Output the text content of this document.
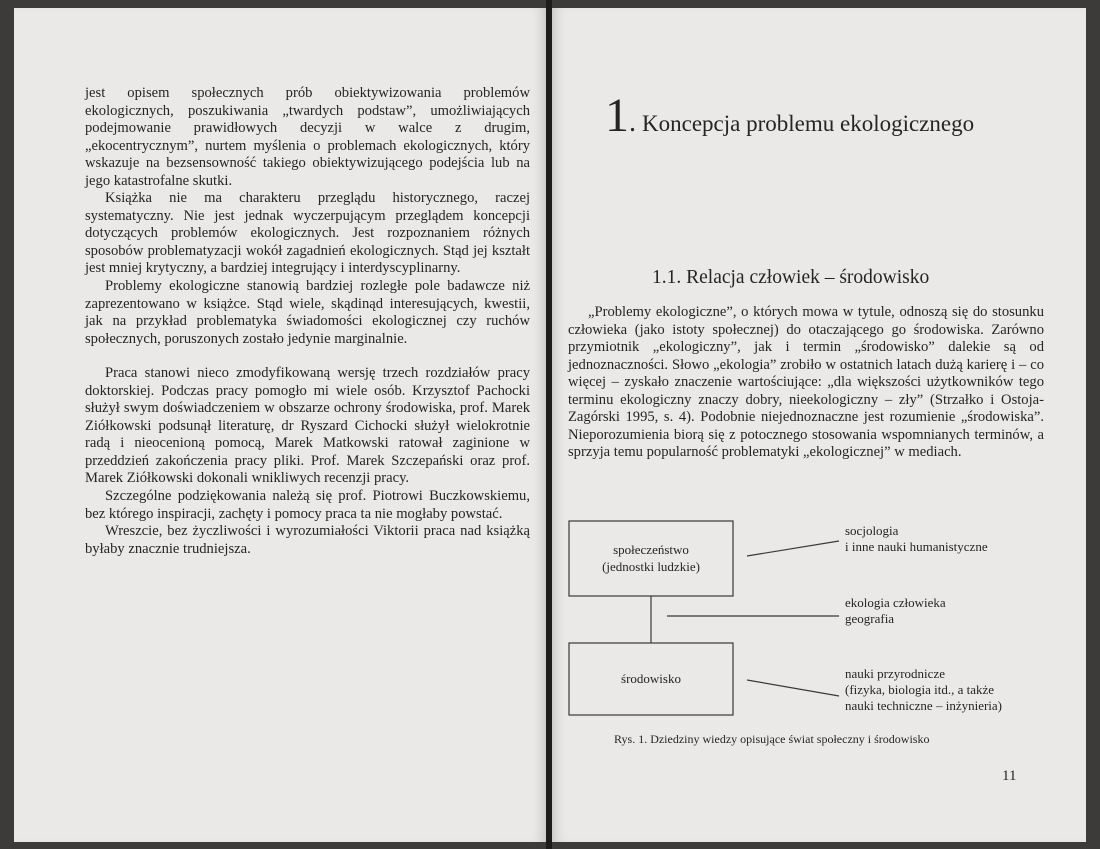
jest opisem społecznych prób obiektywizowania problemów ekologicznych, poszukiwania „twardych podstaw”, umożliwiających podejmowanie prawidłowych decyzji w walce z drugim, „ekocentrycznym”, nurtem myślenia o problemach ekologicznych, który wskazuje na bezsensowność takiego obiektywizującego podejścia lub na jego katastrofalne skutki.

Książka nie ma charakteru przeglądu historycznego, raczej systematyczny. Nie jest jednak wyczerpującym przeglądem koncepcji dotyczących problemów ekologicznych. Jest rozpoznaniem różnych sposobów problematyzacji wokół zagadnień ekologicznych. Stąd jej kształt jest mniej krytyczny, a bardziej integrujący i interdyscyplinarny.

Problemy ekologiczne stanowią bardziej rozległe pole badawcze niż zaprezentowano w książce. Stąd wiele, skądinąd interesujących, kwestii, jak na przykład problematyka świadomości ekologicznej czy ruchów społecznych, poruszonych zostało jedynie marginalnie.

Praca stanowi nieco zmodyfikowaną wersję trzech rozdziałów pracy doktorskiej. Podczas pracy pomogło mi wiele osób. Krzysztof Pachocki służył swym doświadczeniem w obszarze ochrony środowiska, prof. Marek Ziółkowski podsunął literaturę, dr Ryszard Cichocki służył wielokrotnie radą i nieocenioną pomocą, Marek Matkowski ratował zaginione w przeddzień zakończenia pracy pliki. Prof. Marek Szczepański oraz prof. Marek Ziółkowski dokonali wnikliwych recenzji pracy.

Szczególne podziękowania należą się prof. Piotrowi Buczkowskiemu, bez którego inspiracji, zachęty i pomocy praca ta nie mogłaby powstać.

Wreszcie, bez życzliwości i wyrozumiałości Viktorii praca nad książką byłaby znacznie trudniejsza.

1. Koncepcja problemu ekologicznego
1.1. Relacja człowiek – środowisko

„Problemy ekologiczne”, o których mowa w tytule, odnoszą się do stosunku człowieka (jako istoty społecznej) do otaczającego go środowiska. Zarówno przymiotnik „ekologiczny”, jak i termin „środowisko” dalekie są od jednoznaczności. Słowo „ekologia” zrobiło w ostatnich latach dużą karierę i – co więcej – zyskało znaczenie wartościujące: „dla większości użytkowników tego terminu ekologiczny znaczy dobry, nieekologiczny – zły” (Strzałko i Ostoja-Zagórski 1995, s. 4). Podobnie niejednoznaczne jest rozumienie „środowiska”. Nieporozumienia biorą się z potocznego stosowania wspomnianych terminów, a sprzyja temu popularność problematyki „ekologicznej” w mediach.

społeczeństwo
(jednostki ludzkie)
środowisko
socjologia
i inne nauki humanistyczne
ekologia człowieka
geografia
nauki przyrodnicze
(fizyka, biologia itd., a także
nauki techniczne – inżynieria)
Rys. 1. Dziedziny wiedzy opisujące świat społeczny i środowisko
11
